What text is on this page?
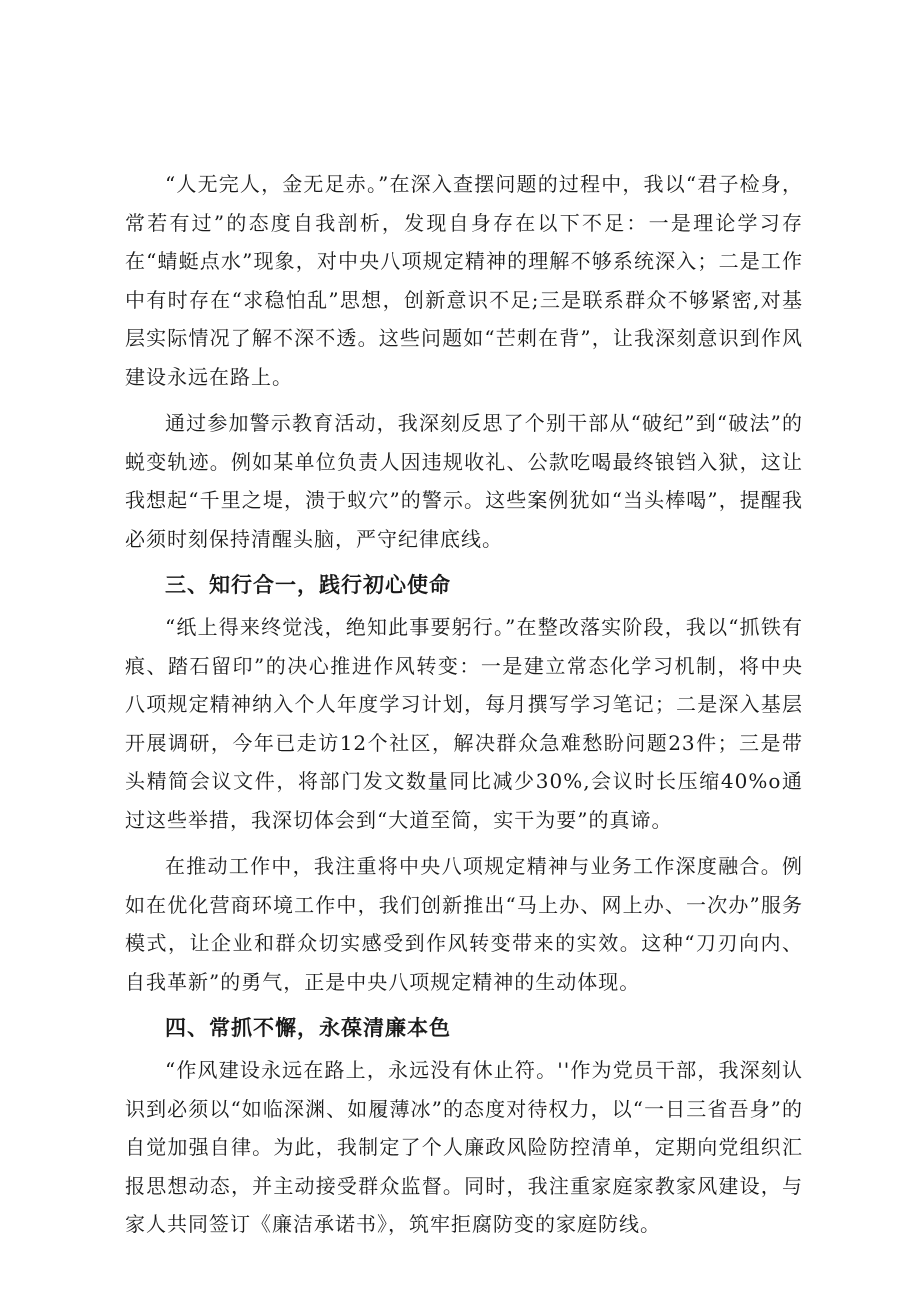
“人无完人，金无足赤。”在深入查摆问题的过程中，我以“君子检身，常若有过”的态度自我剖析，发现自身存在以下不足：一是理论学习存在“蜻蜓点水”现象，对中央八项规定精神的理解不够系统深入；二是工作中有时存在“求稳怕乱”思想，创新意识不足;三是联系群众不够紧密,对基层实际情况了解不深不透。这些问题如“芒刺在背”，让我深刻意识到作风建设永远在路上。

通过参加警示教育活动，我深刻反思了个别干部从“破纪”到“破法”的蜕变轨迹。例如某单位负责人因违规收礼、公款吃喝最终锒铛入狱，这让我想起“千里之堤，溃于蚁穴”的警示。这些案例犹如“当头棒喝”，提醒我必须时刻保持清醒头脑，严守纪律底线。

三、知行合一，践行初心使命

“纸上得来终觉浅，绝知此事要躬行。”在整改落实阶段，我以“抓铁有痕、踏石留印”的决心推进作风转变：一是建立常态化学习机制，将中央八项规定精神纳入个人年度学习计划，每月撰写学习笔记；二是深入基层开展调研，今年已走访12个社区，解决群众急难愁盼问题23件；三是带头精简会议文件，将部门发文数量同比减少30%,会议时长压缩40%o通过这些举措，我深切体会到“大道至简，实干为要”的真谛。

在推动工作中，我注重将中央八项规定精神与业务工作深度融合。例如在优化营商环境工作中，我们创新推出“马上办、网上办、一次办”服务模式，让企业和群众切实感受到作风转变带来的实效。这种“刀刃向内、自我革新”的勇气，正是中央八项规定精神的生动体现。

四、常抓不懈，永葆清廉本色

“作风建设永远在路上，永远没有休止符。''作为党员干部，我深刻认识到必须以“如临深渊、如履薄冰”的态度对待权力，以“一日三省吾身”的自觉加强自律。为此，我制定了个人廉政风险防控清单，定期向党组织汇报思想动态，并主动接受群众监督。同时，我注重家庭家教家风建设，与家人共同签订《廉洁承诺书》，筑牢拒腐防变的家庭防线。
